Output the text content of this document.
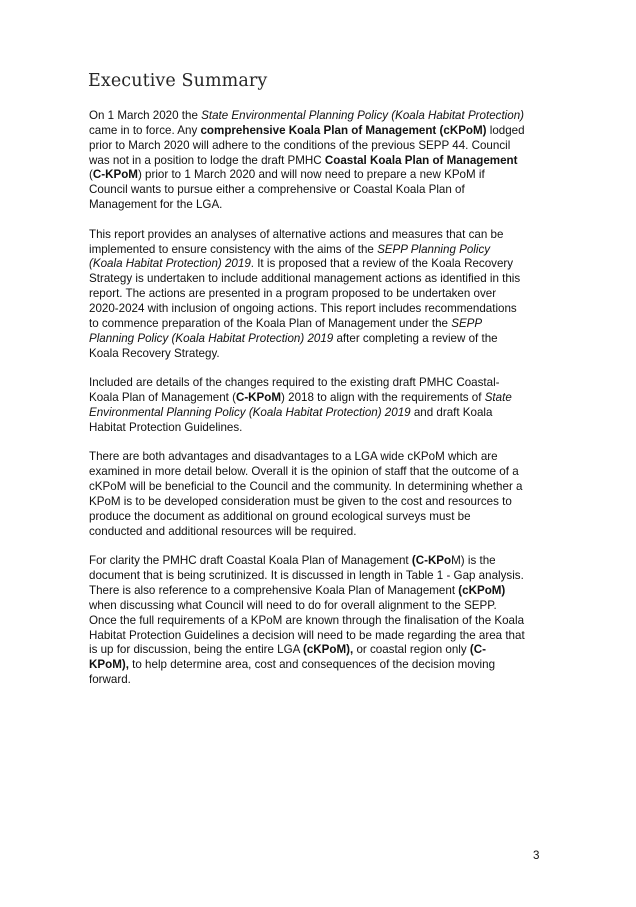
Executive Summary

On 1 March 2020 the State Environmental Planning Policy (Koala Habitat Protection)
came in to force. Any comprehensive Koala Plan of Management (cKPoM) lodged
prior to March 2020 will adhere to the conditions of the previous SEPP 44. Council
was not in a position to lodge the draft PMHC Coastal Koala Plan of Management
(C-KPoM) prior to 1 March 2020 and will now need to prepare a new KPoM if
Council wants to pursue either a comprehensive or Coastal Koala Plan of
Management for the LGA.

This report provides an analyses of alternative actions and measures that can be
implemented to ensure consistency with the aims of the SEPP Planning Policy
(Koala Habitat Protection) 2019. It is proposed that a review of the Koala Recovery
Strategy is undertaken to include additional management actions as identified in this
report. The actions are presented in a program proposed to be undertaken over
2020-2024 with inclusion of ongoing actions. This report includes recommendations
to commence preparation of the Koala Plan of Management under the SEPP
Planning Policy (Koala Habitat Protection) 2019 after completing a review of the
Koala Recovery Strategy.

Included are details of the changes required to the existing draft PMHC Coastal-
Koala Plan of Management (C-KPoM) 2018 to align with the requirements of State
Environmental Planning Policy (Koala Habitat Protection) 2019 and draft Koala
Habitat Protection Guidelines.

There are both advantages and disadvantages to a LGA wide cKPoM which are
examined in more detail below. Overall it is the opinion of staff that the outcome of a
cKPoM will be beneficial to the Council and the community. In determining whether a
KPoM is to be developed consideration must be given to the cost and resources to
produce the document as additional on ground ecological surveys must be
conducted and additional resources will be required.

For clarity the PMHC draft Coastal Koala Plan of Management (C-KPoM) is the
document that is being scrutinized. It is discussed in length in Table 1 - Gap analysis.
There is also reference to a comprehensive Koala Plan of Management (cKPoM)
when discussing what Council will need to do for overall alignment to the SEPP.
Once the full requirements of a KPoM are known through the finalisation of the Koala
Habitat Protection Guidelines a decision will need to be made regarding the area that
is up for discussion, being the entire LGA (cKPoM), or coastal region only (C-
KPoM), to help determine area, cost and consequences of the decision moving
forward.

3
